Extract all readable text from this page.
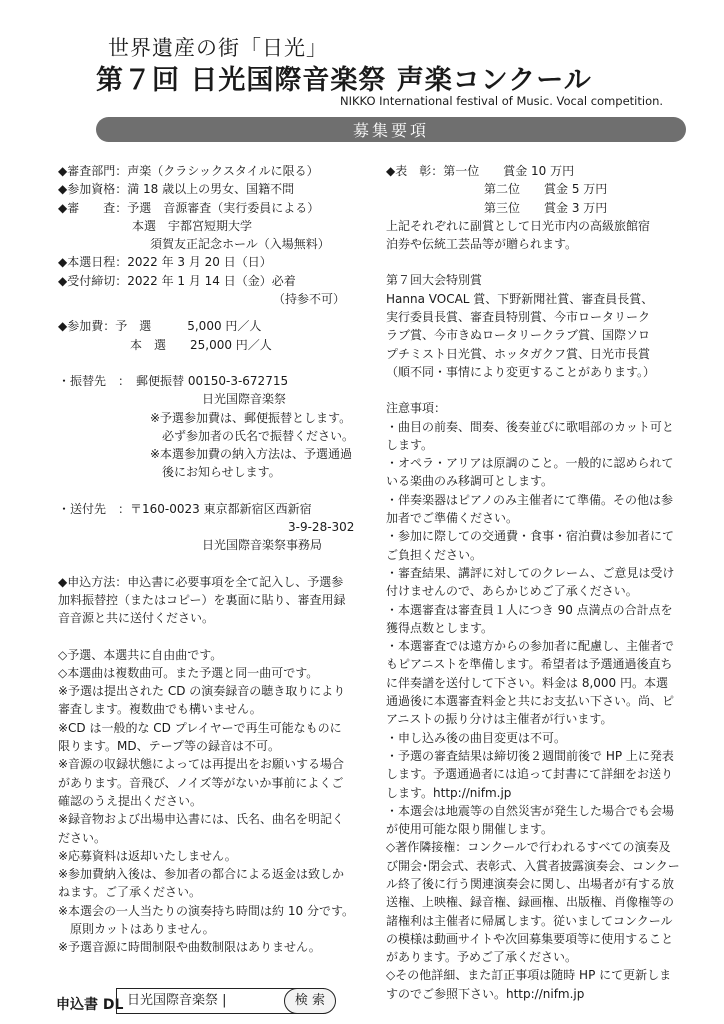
世界遺産の街「日光」
第７回 日光国際音楽祭 声楽コンクール
NIKKO International festival of Music. Vocal competition.
募集要項
◆審査部門：声楽（クラシックスタイルに限る）
◆参加資格：満 18 歳以上の男女、国籍不問
◆審　　査：予選　音源審査（実行委員による）
本選　宇都宮短期大学
須賀友正記念ホール（入場無料）
◆本選日程：2022 年 3 月 20 日（日）
◆受付締切：2022 年 1 月 14 日（金）必着
（持参不可）
◆参加費：予　選　　　5,000 円／人
本　選　　25,000 円／人
・振替先　：　郵便振替 00150-3-672715
日光国際音楽祭
※予選参加費は、郵便振替とします。
必ず参加者の氏名で振替ください。
※本選参加費の納入方法は、予選通過
後にお知らせします。
・送付先　：〒160-0023 東京都新宿区西新宿
3-9-28-302
日光国際音楽祭事務局
◆申込方法：申込書に必要事項を全て記入し、予選参
加料振替控（またはコピー）を裏面に貼り、審査用録
音音源と共に送付ください。
◇予選、本選共に自由曲です。
◇本選曲は複数曲可。また予選と同一曲可です。
※予選は提出された CD の演奏録音の聴き取りにより
審査します。複数曲でも構いません。
※CD は一般的な CD プレイヤーで再生可能なものに
限ります。MD、テープ等の録音は不可。
※音源の収録状態によっては再提出をお願いする場合
があります。音飛び、ノイズ等がないか事前によくご
確認のうえ提出ください。
※録音物および出場申込書には、氏名、曲名を明記く
ださい。
※応募資料は返却いたしません。
※参加費納入後は、参加者の都合による返金は致しか
ねます。ご了承ください。
※本選会の一人当たりの演奏持ち時間は約 10 分です。
　原則カットはありません。
※予選音源に時間制限や曲数制限はありません。
◆表　彰：第一位　　賞金 10 万円
第二位　　賞金 5 万円
第三位　　賞金 3 万円
上記それぞれに副賞として日光市内の高級旅館宿
泊券や伝統工芸品等が贈られます。
第７回大会特別賞
Hanna VOCAL 賞、下野新聞社賞、審査員長賞、
実行委員長賞、審査員特別賞、今市ロータリーク
ラブ賞、今市きぬロータリークラブ賞、国際ソロ
プチミスト日光賞、ホッタガクフ賞、日光市長賞
（順不同・事情により変更することがあります。）
注意事項：
・曲目の前奏、間奏、後奏並びに歌唱部のカット可と
します。
・オペラ・アリアは原調のこと。一般的に認められて
いる楽曲のみ移調可とします。
・伴奏楽器はピアノのみ主催者にて準備。その他は参
加者でご準備ください。
・参加に際しての交通費・食事・宿泊費は参加者にて
ご負担ください。
・審査結果、講評に対してのクレーム、ご意見は受け
付けませんので、あらかじめご了承ください。
・本選審査は審査員１人につき 90 点満点の合計点を
獲得点数とします。
・本選審査では遠方からの参加者に配慮し、主催者で
もピアニストを準備します。希望者は予選通過後直ち
に伴奏譜を送付して下さい。料金は 8,000 円。本選
通過後に本選審査料金と共にお支払い下さい。尚、ピ
アニストの振り分けは主催者が行います。
・申し込み後の曲目変更は不可。
・予選の審査結果は締切後２週間前後で HP 上に発表
します。予選通過者には追って封書にて詳細をお送り
します。http://nifm.jp
・本選会は地震等の自然災害が発生した場合でも会場
が使用可能な限り開催します。
◇著作隣接権：コンクールで行われるすべての演奏及
び開会･閉会式、表彰式、入賞者披露演奏会、コンクー
ル終了後に行う関連演奏会に関し、出場者が有する放
送権、上映権、録音権、録画権、出版権、肖像権等の
諸権利は主催者に帰属します。従いましてコンクール
の模様は動画サイトや次回募集要項等に使用すること
があります。予めご了承ください。
◇その他詳細、また訂正事項は随時 HP にて更新しま
すのでご参照下さい。http://nifm.jp
申込書 DL 日光国際音楽祭 |	検 索
